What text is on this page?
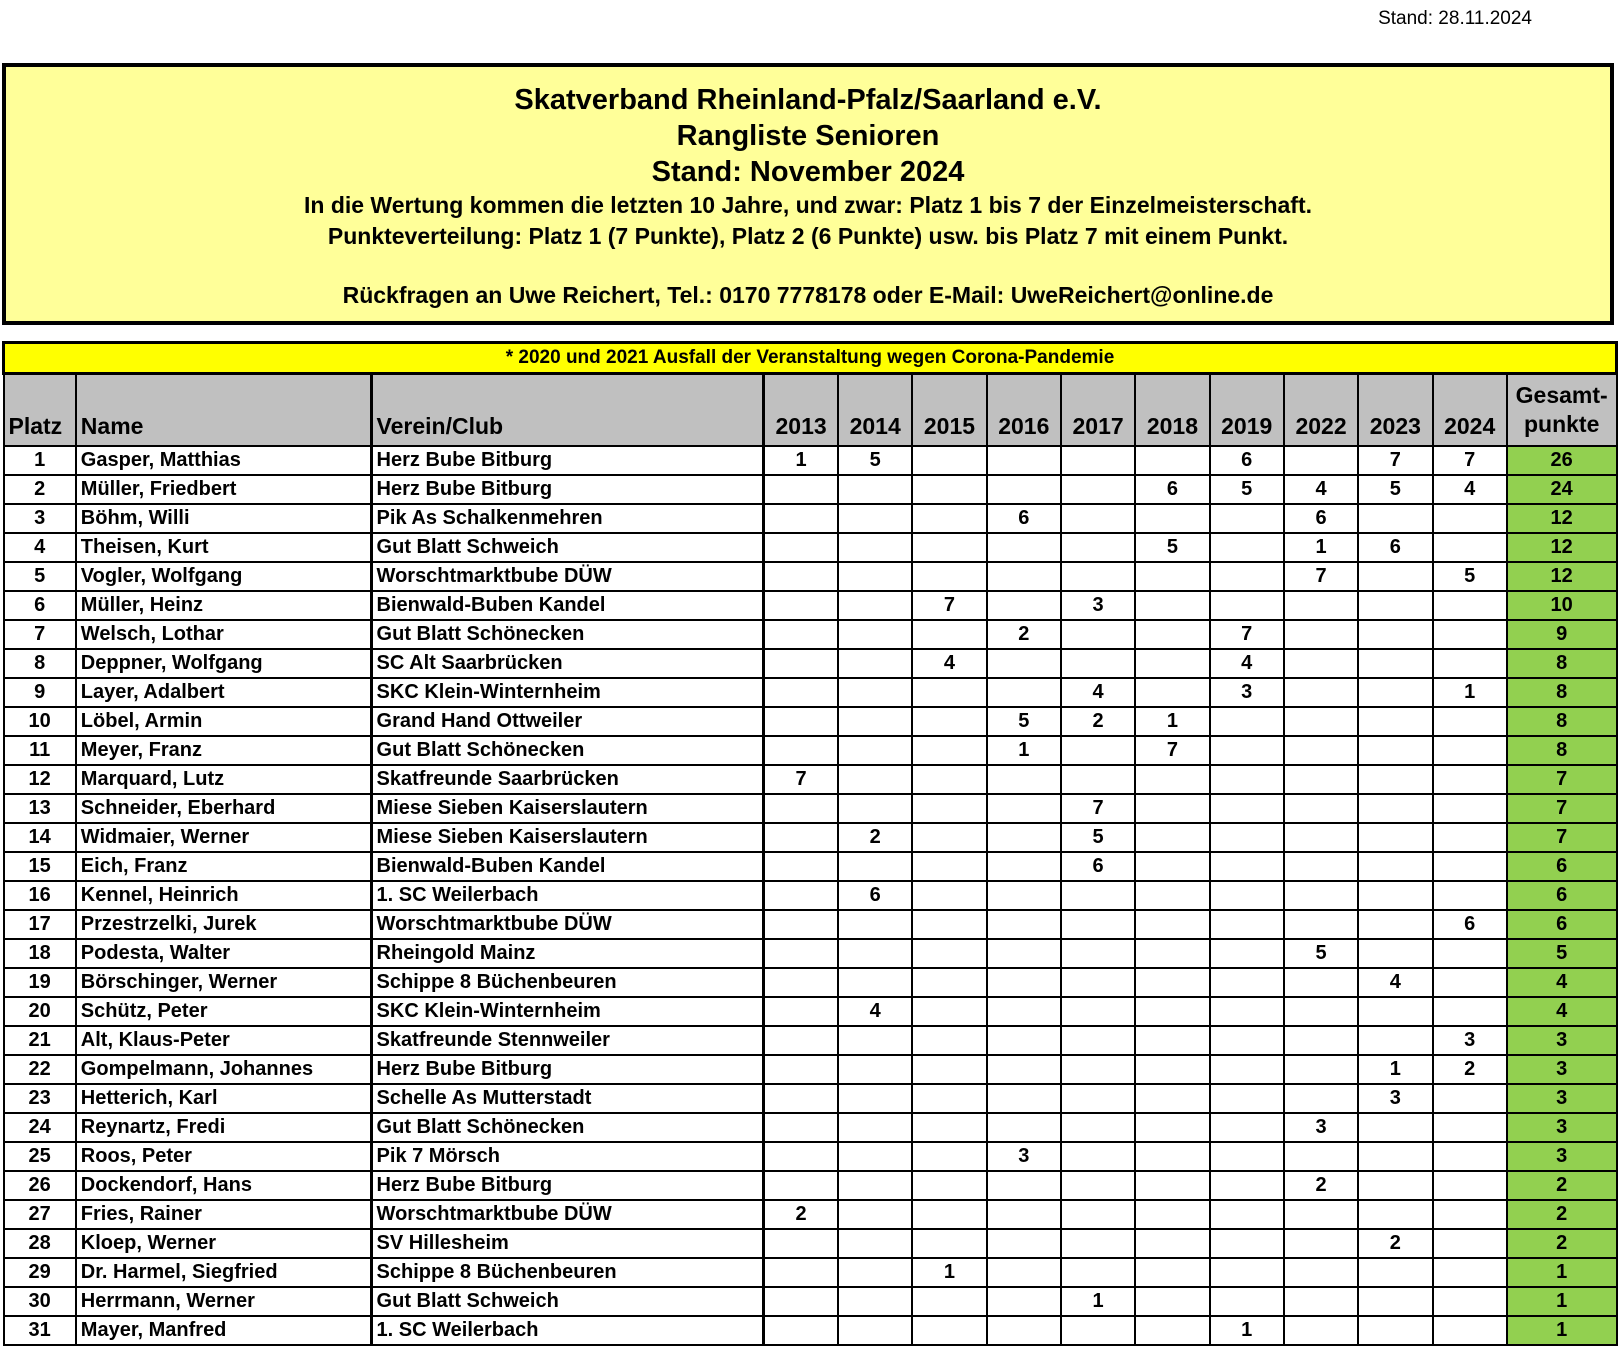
Stand: 28.11.2024
Skatverband Rheinland-Pfalz/Saarland e.V.
Rangliste Senioren
Stand: November 2024
In die Wertung kommen die letzten 10 Jahre, und zwar: Platz 1 bis 7 der Einzelmeisterschaft.
Punkteverteilung: Platz 1 (7 Punkte), Platz 2 (6 Punkte) usw. bis Platz 7 mit einem Punkt.
Rückfragen an Uwe Reichert, Tel.: 0170 7778178 oder E-Mail: UweReichert@online.de
* 2020 und 2021 Ausfall der Veranstaltung wegen Corona-Pandemie													
Platz	Name	Verein/Club	2013	2014	2015	2016	2017	2018	2019	2022	2023	2024	Gesamt-
punkte
1	Gasper, Matthias	Herz Bube Bitburg	1	5					6		7	7	26
2	Müller, Friedbert	Herz Bube Bitburg						6	5	4	5	4	24
3	Böhm, Willi	Pik As Schalkenmehren				6				6			12
4	Theisen, Kurt	Gut Blatt Schweich						5		1	6		12
5	Vogler, Wolfgang	Worschtmarktbube DÜW								7		5	12
6	Müller, Heinz	Bienwald-Buben Kandel			7		3						10
7	Welsch, Lothar	Gut Blatt Schönecken				2			7				9
8	Deppner, Wolfgang	SC Alt Saarbrücken			4				4				8
9	Layer, Adalbert	SKC Klein-Winternheim					4		3			1	8
10	Löbel, Armin	Grand Hand Ottweiler				5	2	1					8
11	Meyer, Franz	Gut Blatt Schönecken				1		7					8
12	Marquard, Lutz	Skatfreunde Saarbrücken	7										7
13	Schneider, Eberhard	Miese Sieben Kaiserslautern					7						7
14	Widmaier, Werner	Miese Sieben Kaiserslautern		2			5						7
15	Eich, Franz	Bienwald-Buben Kandel					6						6
16	Kennel, Heinrich	1. SC Weilerbach		6									6
17	Przestrzelki, Jurek	Worschtmarktbube DÜW										6	6
18	Podesta, Walter	Rheingold Mainz								5			5
19	Börschinger, Werner	Schippe 8 Büchenbeuren									4		4
20	Schütz, Peter	SKC Klein-Winternheim		4									4
21	Alt, Klaus-Peter	Skatfreunde Stennweiler										3	3
22	Gompelmann, Johannes	Herz Bube Bitburg									1	2	3
23	Hetterich, Karl	Schelle As Mutterstadt									3		3
24	Reynartz, Fredi	Gut Blatt Schönecken								3			3
25	Roos, Peter	Pik 7 Mörsch				3							3
26	Dockendorf, Hans	Herz Bube Bitburg								2			2
27	Fries, Rainer	Worschtmarktbube DÜW	2										2
28	Kloep, Werner	SV Hillesheim									2		2
29	Dr. Harmel, Siegfried	Schippe 8 Büchenbeuren			1								1
30	Herrmann, Werner	Gut Blatt Schweich					1						1
31	Mayer, Manfred	1. SC Weilerbach							1				1
